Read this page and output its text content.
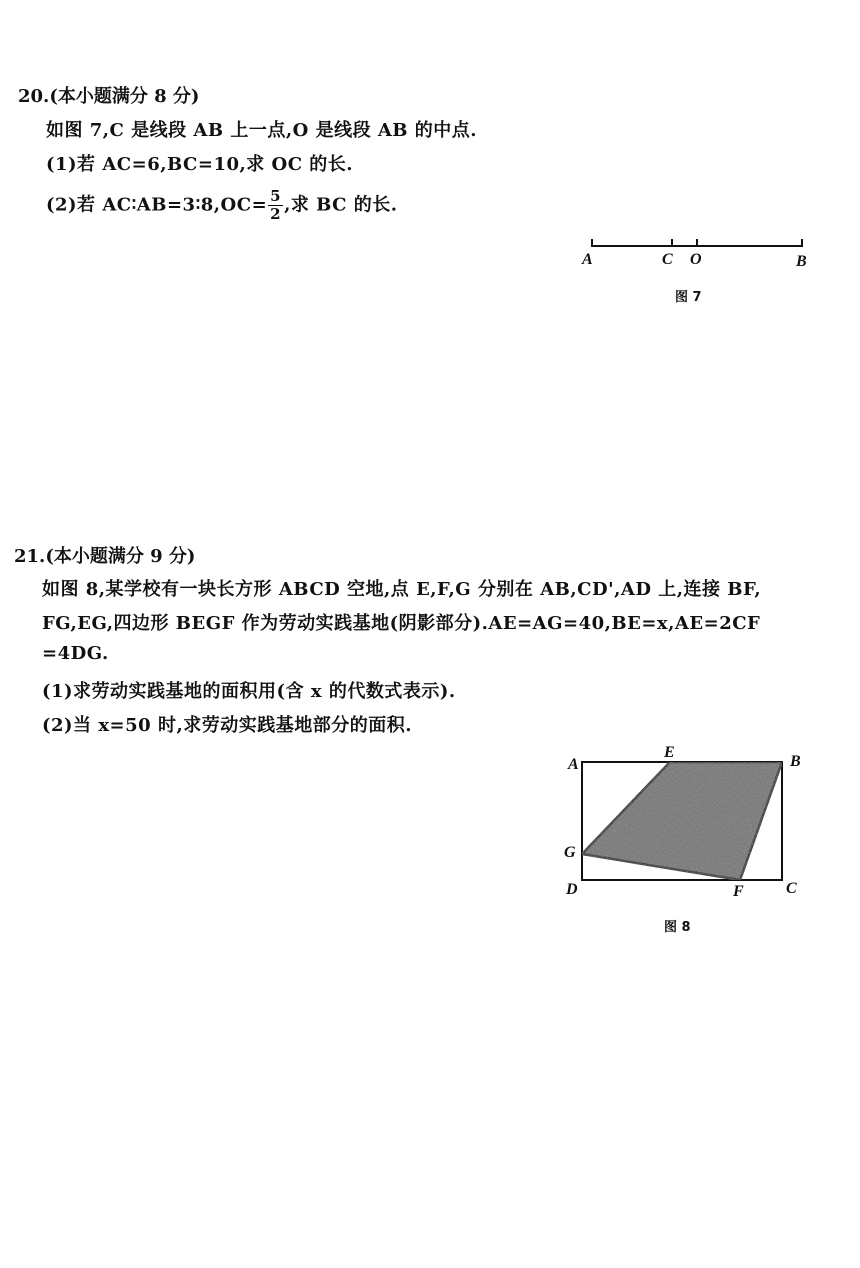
20.(本小题满分 8 分)
如图 7,C 是线段 AB 上一点,O 是线段 AB 的中点.
(1)若 AC=6,BC=10,求 OC 的长.
(2)若 AC∶AB=3∶8,OC= $\frac{5}{2}$ ,求 BC 的长.
A	C O	B
图 7
21.(本小题满分 9 分)
如图 8,某学校有一块长方形 ABCD 空地,点 E,F,G 分别在 AB,CD',AD 上,连接 BF,
FG,EG,四边形 BEGF 作为劳动实践基地(阴影部分).AE=AG=40,BE=x,AE=2CF
=4DG.
(1)求劳动实践基地的面积用(含 x 的代数式表示).
(2)当 x=50 时,求劳动实践基地部分的面积.
A
E
B
G
D	F	C
图 8
